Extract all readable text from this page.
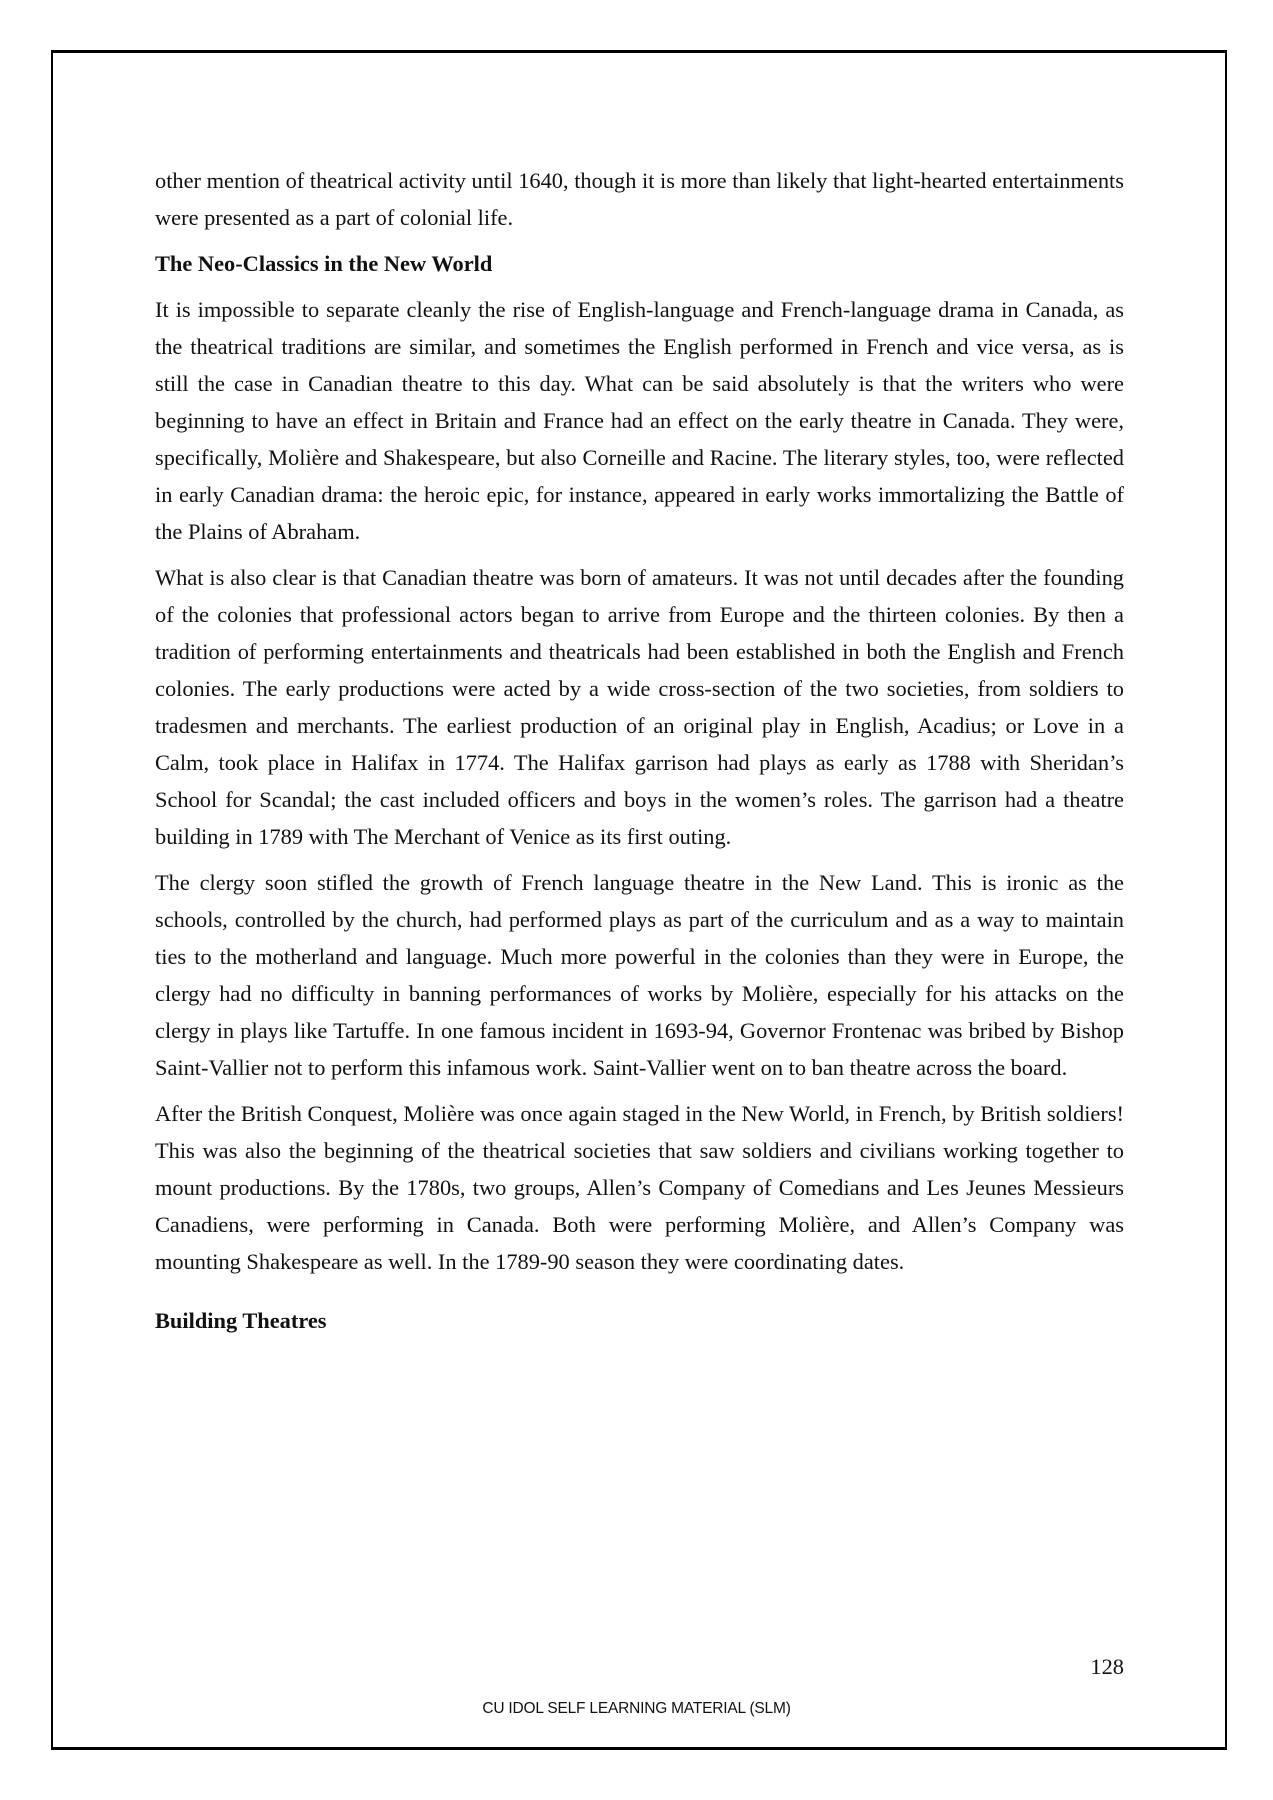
other mention of theatrical activity until 1640, though it is more than likely that light-hearted entertainments were presented as a part of colonial life.

The Neo-Classics in the New World

It is impossible to separate cleanly the rise of English-language and French-language drama in Canada, as the theatrical traditions are similar, and sometimes the English performed in French and vice versa, as is still the case in Canadian theatre to this day. What can be said absolutely is that the writers who were beginning to have an effect in Britain and France had an effect on the early theatre in Canada. They were, specifically, Molière and Shakespeare, but also Corneille and Racine. The literary styles, too, were reflected in early Canadian drama: the heroic epic, for instance, appeared in early works immortalizing the Battle of the Plains of Abraham.

What is also clear is that Canadian theatre was born of amateurs. It was not until decades after the founding of the colonies that professional actors began to arrive from Europe and the thirteen colonies. By then a tradition of performing entertainments and theatricals had been established in both the English and French colonies. The early productions were acted by a wide cross-section of the two societies, from soldiers to tradesmen and merchants. The earliest production of an original play in English, Acadius; or Love in a Calm, took place in Halifax in 1774. The Halifax garrison had plays as early as 1788 with Sheridan’s School for Scandal; the cast included officers and boys in the women’s roles. The garrison had a theatre building in 1789 with The Merchant of Venice as its first outing.

The clergy soon stifled the growth of French language theatre in the New Land. This is ironic as the schools, controlled by the church, had performed plays as part of the curriculum and as a way to maintain ties to the motherland and language. Much more powerful in the colonies than they were in Europe, the clergy had no difficulty in banning performances of works by Molière, especially for his attacks on the clergy in plays like Tartuffe. In one famous incident in 1693-94, Governor Frontenac was bribed by Bishop Saint-Vallier not to perform this infamous work. Saint-Vallier went on to ban theatre across the board.

After the British Conquest, Molière was once again staged in the New World, in French, by British soldiers! This was also the beginning of the theatrical societies that saw soldiers and civilians working together to mount productions. By the 1780s, two groups, Allen’s Company of Comedians and Les Jeunes Messieurs Canadiens, were performing in Canada. Both were performing Molière, and Allen’s Company was mounting Shakespeare as well. In the 1789-90 season they were coordinating dates.

Building Theatres
128
CU IDOL SELF LEARNING MATERIAL (SLM)
